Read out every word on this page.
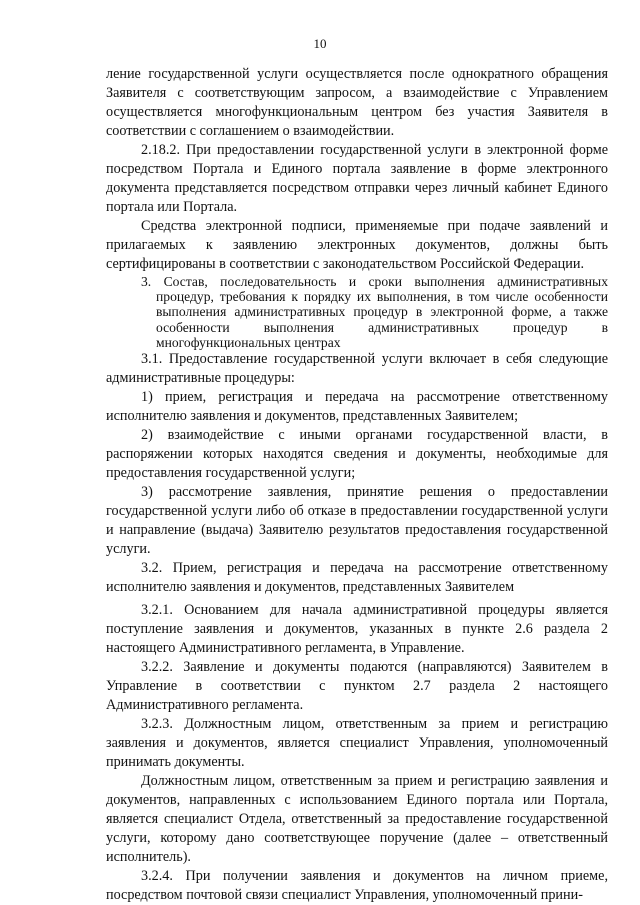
10

ление государственной услуги осуществляется после однократного обращения Заявителя с соответствующим запросом, а взаимодействие с Управлением осуществляется многофункциональным центром без участия Заявителя в соответствии с соглашением о взаимодействии.

2.18.2. При предоставлении государственной услуги в электронной форме посредством Портала и Единого портала заявление в форме электронного документа представляется посредством отправки через личный кабинет Единого портала или Портала.

Средства электронной подписи, применяемые при подаче заявлений и прилагаемых к заявлению электронных документов, должны быть сертифицированы в соответствии с законодательством Российской Федерации.

3. Состав, последовательность и сроки выполнения административных процедур, требования к порядку их выполнения, в том числе особенности выполнения административных процедур в электронной форме, а также особенности выполнения административных процедур в многофункциональных центрах

3.1. Предоставление государственной услуги включает в себя следующие административные процедуры:

1) прием, регистрация и передача на рассмотрение ответственному исполнителю заявления и документов, представленных Заявителем;

2) взаимодействие с иными органами государственной власти, в распоряжении которых находятся сведения и документы, необходимые для предоставления государственной услуги;

3) рассмотрение заявления, принятие решения о предоставлении государственной услуги либо об отказе в предоставлении государственной услуги и направление (выдача) Заявителю результатов предоставления государственной услуги.

3.2. Прием, регистрация и передача на рассмотрение ответственному исполнителю заявления и документов, представленных Заявителем

3.2.1. Основанием для начала административной процедуры является поступление заявления и документов, указанных в пункте 2.6 раздела 2 настоящего Административного регламента, в Управление.

3.2.2. Заявление и документы подаются (направляются) Заявителем в Управление в соответствии с пунктом 2.7 раздела 2 настоящего Административного регламента.

3.2.3. Должностным лицом, ответственным за прием и регистрацию заявления и документов, является специалист Управления, уполномоченный принимать документы.

Должностным лицом, ответственным за прием и регистрацию заявления и документов, направленных с использованием Единого портала или Портала, является специалист Отдела, ответственный за предоставление государственной услуги, которому дано соответствующее поручение (далее – ответственный исполнитель).

3.2.4. При получении заявления и документов на личном приеме, посредством почтовой связи специалист Управления, уполномоченный прини-
